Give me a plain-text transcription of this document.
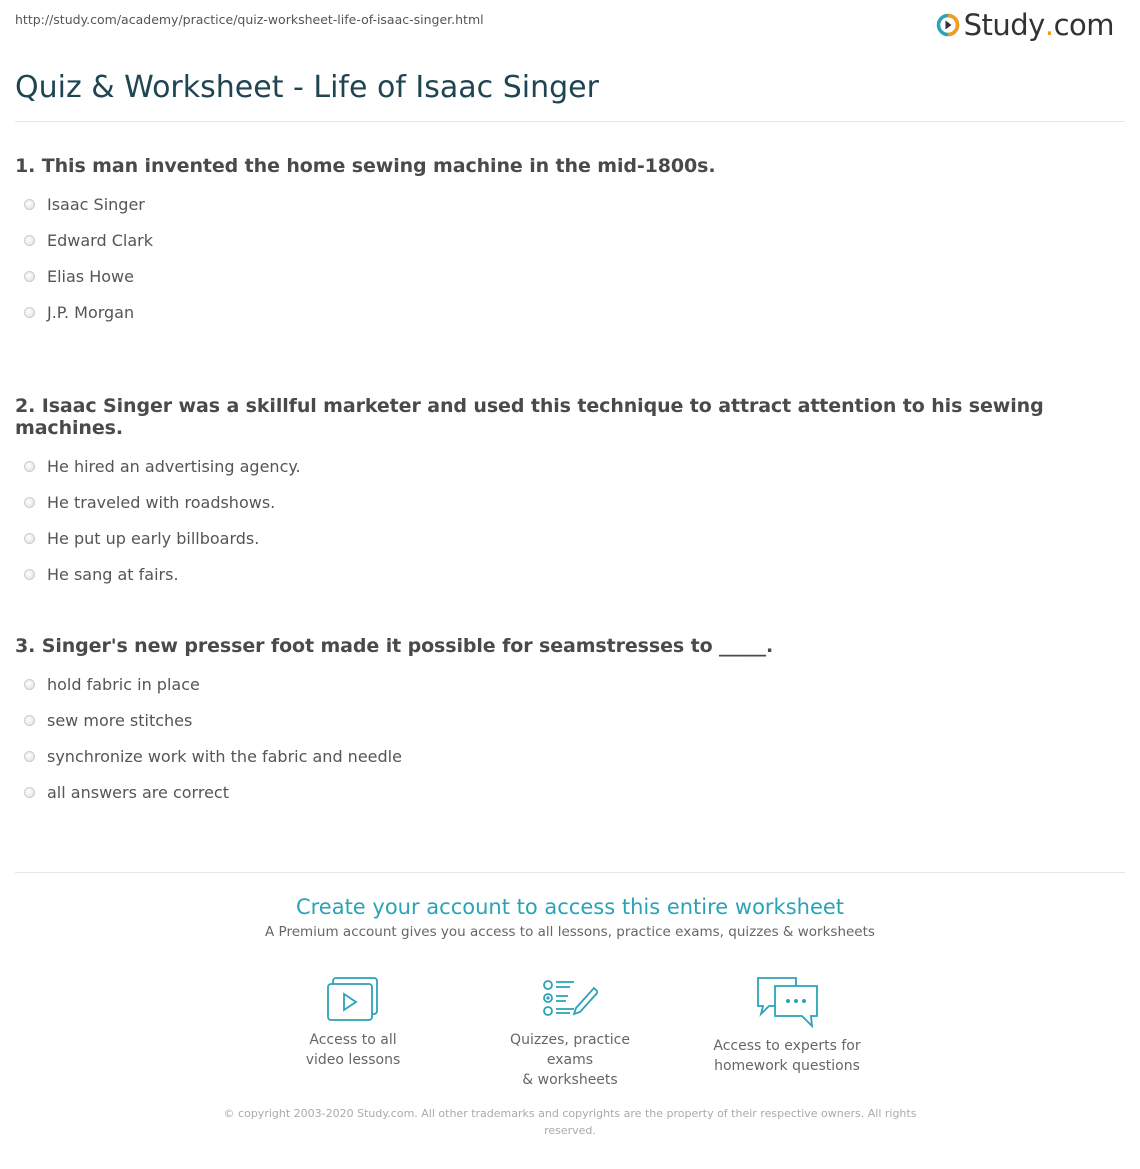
http://study.com/academy/practice/quiz-worksheet-life-of-isaac-singer.html	Study . com
Quiz & Worksheet - Life of Isaac Singer
1. This man invented the home sewing machine in the mid-1800s.
Isaac Singer
Edward Clark
Elias Howe
J.P. Morgan
2. Isaac Singer was a skillful marketer and used this technique to attract attention to his sewing machines.
He hired an advertising agency.
He traveled with roadshows.
He put up early billboards.
He sang at fairs.
3. Singer's new presser foot made it possible for seamstresses to _____.
hold fabric in place
sew more stitches
synchronize work with the fabric and needle
all answers are correct
Create your account to access this entire worksheet
A Premium account gives you access to all lessons, practice exams, quizzes & worksheets
Access to all
video lessons
Quizzes, practice exams
& worksheets
Access to experts for
homework questions
© copyright 2003-2020 Study.com. All other trademarks and copyrights are the property of their respective owners. All rights reserved.
